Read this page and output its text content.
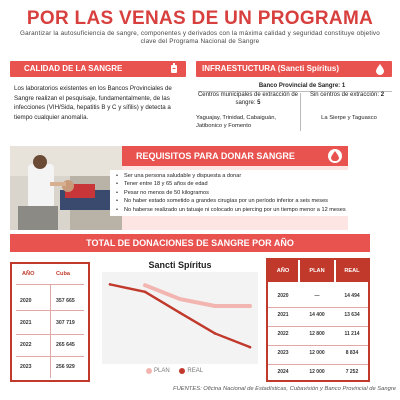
POR LAS VENAS DE UN PROGRAMA
Garantizar la autosuficiencia de sangre, componentes y derivados con la máxima calidad y seguridad constituye objetivo clave del Programa Nacional de Sangre
CALIDAD DE LA SANGRE
Los laboratorios existentes en los Bancos Provinciales de Sangre realizan el pesquisaje, fundamentalmente, de las infecciones (VIH/Sida, hepatitis B y C y sífilis) y detecta a tiempo cualquier anomalía.
INFRAESTUCTURA (Sancti Spíritus)
Banco Provincial de Sangre: 1
Centros municipales de extracción de sangre: 5
Sin centros de extracción: 2
Yaguajay, Trinidad, Cabaiguán, Jatibonico y Fomento
La Sierpe y Taguasco
REQUISITOS PARA DONAR SANGRE
• Ser una persona saludable y dispuesta a donar
• Tener entre 18 y 65 años de edad
• Pesar no menos de 50 kilogramos
• No haber estado sometido a grandes cirugías por un período inferior a seis meses
• No haberse realizado un tatuaje ni colocado un piercing por un tiempo menor a 12 meses
TOTAL DE DONACIONES DE SANGRE POR AÑO
AÑO	Cuba
2020	357 665
2021	307 719
2022	265 645
2023	256 929
Sancti Spíritus
PLAN
	REAL
AÑO	PLAN	REAL
2020	—	14 494
2021	14 400	13 634
2022	12 800	11 214
2023	12 000	8 834
2024	12 000	7 252
FUENTES: Oficina Nacional de Estadísticas, Cubavisión y Banco Provincial de Sangre
